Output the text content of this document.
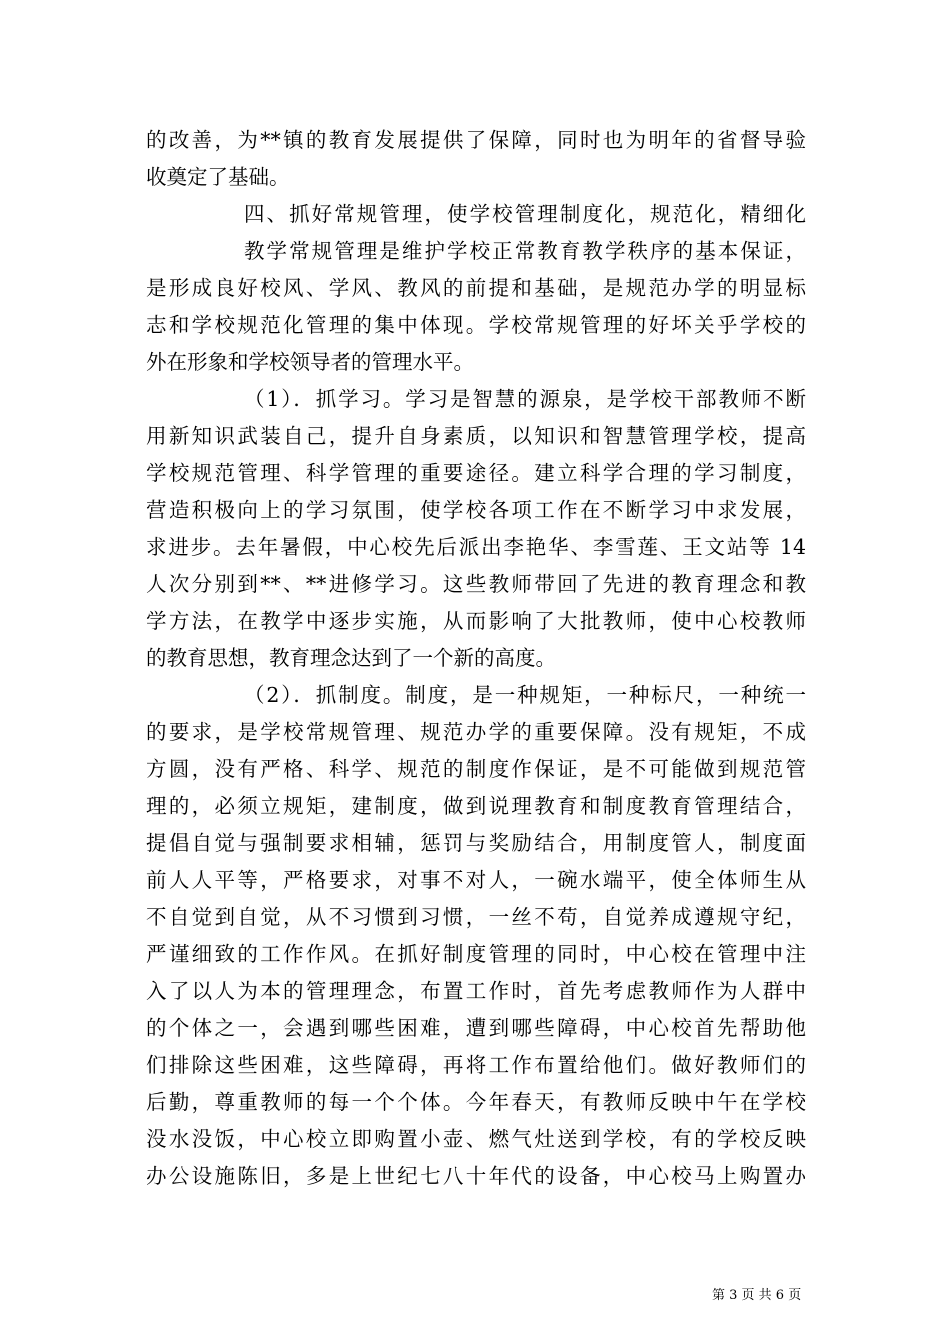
的改善，为**镇的教育发展提供了保障，同时也为明年的省督导验
收奠定了基础。
四、抓好常规管理，使学校管理制度化，规范化，精细化
教学常规管理是维护学校正常教育教学秩序的基本保证，
是形成良好校风、学风、教风的前提和基础，是规范办学的明显标
志和学校规范化管理的集中体现。学校常规管理的好坏关乎学校的
外在形象和学校领导者的管理水平。
（1）．抓学习。学习是智慧的源泉，是学校干部教师不断
用新知识武装自己，提升自身素质，以知识和智慧管理学校，提高
学校规范管理、科学管理的重要途径。建立科学合理的学习制度，
营造积极向上的学习氛围，使学校各项工作在不断学习中求发展，
求进步。去年暑假，中心校先后派出李艳华、李雪莲、王文站等 14
人次分别到**、**进修学习。这些教师带回了先进的教育理念和教
学方法，在教学中逐步实施，从而影响了大批教师，使中心校教师
的教育思想，教育理念达到了一个新的高度。
（2）．抓制度。制度，是一种规矩，一种标尺，一种统一
的要求，是学校常规管理、规范办学的重要保障。没有规矩，不成
方圆，没有严格、科学、规范的制度作保证，是不可能做到规范管
理的，必须立规矩，建制度，做到说理教育和制度教育管理结合，
提倡自觉与强制要求相辅，惩罚与奖励结合，用制度管人，制度面
前人人平等，严格要求，对事不对人，一碗水端平，使全体师生从
不自觉到自觉，从不习惯到习惯，一丝不苟，自觉养成遵规守纪，
严谨细致的工作作风。在抓好制度管理的同时，中心校在管理中注
入了以人为本的管理理念，布置工作时，首先考虑教师作为人群中
的个体之一，会遇到哪些困难，遭到哪些障碍，中心校首先帮助他
们排除这些困难，这些障碍，再将工作布置给他们。做好教师们的
后勤，尊重教师的每一个个体。今年春天，有教师反映中午在学校
没水没饭，中心校立即购置小壶、燃气灶送到学校，有的学校反映
办公设施陈旧，多是上世纪七八十年代的设备，中心校马上购置办
第 3 页 共 6 页
